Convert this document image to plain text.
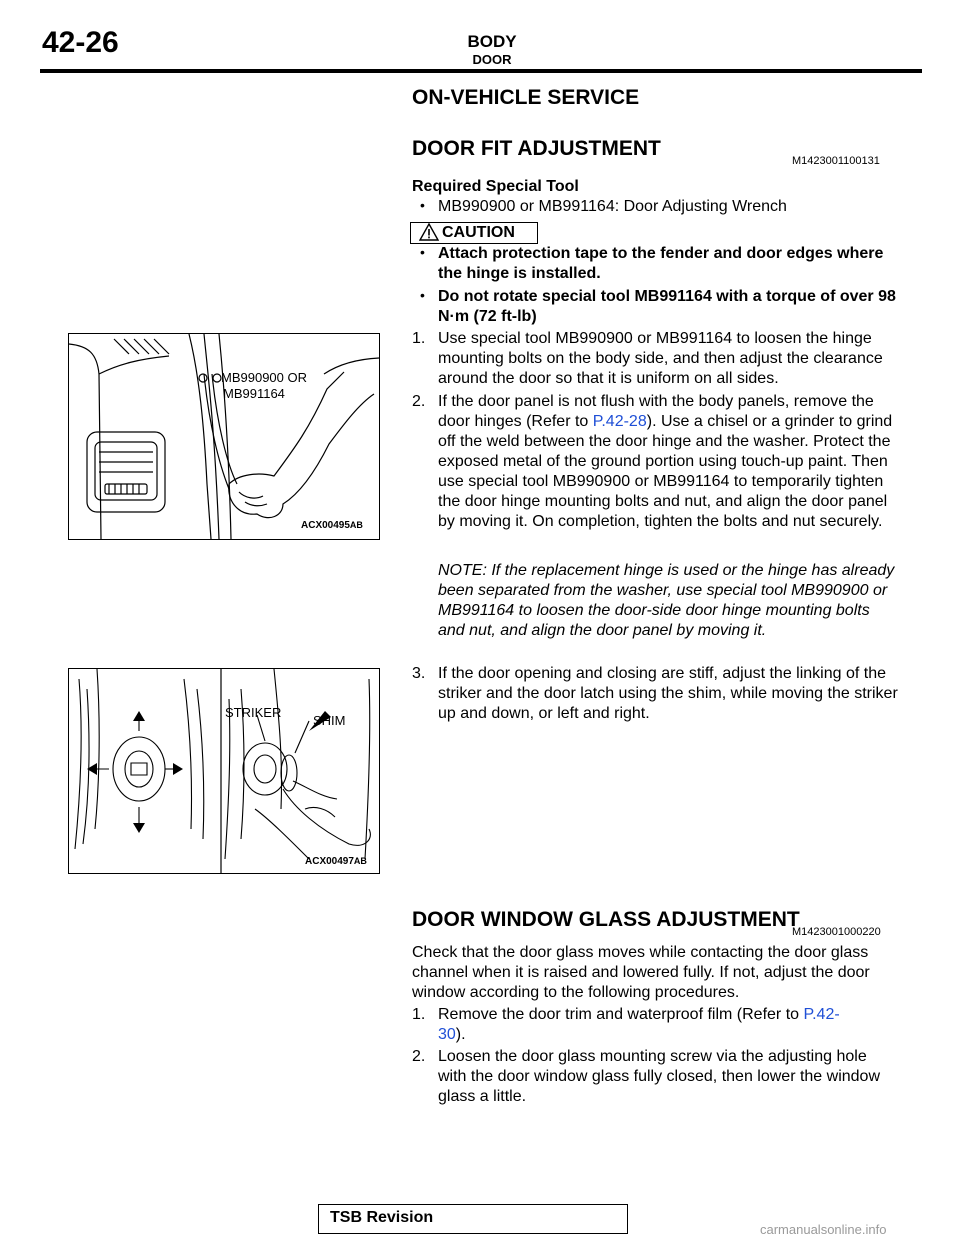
42-26	BODY
DOOR
ON-VEHICLE SERVICE
DOOR FIT ADJUSTMENT
M1423001100131
Required Special Tool
• MB990900 or MB991164: Door Adjusting Wrench
CAUTION
• Attach protection tape to the fender and door edges where the hinge is installed.
• Do not rotate special tool MB991164 with a torque of over 98 N·m (72 ft-lb)
1. Use special tool MB990900 or MB991164 to loosen the hinge mounting bolts on the body side, and then adjust the clearance around the door so that it is uniform on all sides.
2. If the door panel is not flush with the body panels, remove the door hinges (Refer to P.42-28). Use a chisel or a grinder to grind off the weld between the door hinge and the washer. Protect the exposed metal of the ground portion using touch-up paint. Then use special tool MB990900 or MB991164 to temporarily tighten the door hinge mounting bolts and nut, and align the door panel by moving it. On completion, tighten the bolts and nut securely.
NOTE: If the replacement hinge is used or the hinge has already been separated from the washer, use special tool MB990900 or MB991164 to loosen the door-side door hinge mounting bolts and nut, and align the door panel by moving it.
3. If the door opening and closing are stiff, adjust the linking of the striker and the door latch using the shim, while moving the striker up and down, or left and right.
MB990900 OR
MB991164
ACX00495AB
STRIKER
SHIM
ACX00497AB
DOOR WINDOW GLASS ADJUSTMENT
M1423001000220
Check that the door glass moves while contacting the door glass channel when it is raised and lowered fully. If not, adjust the door window according to the following procedures.
1. Remove the door trim and waterproof film (Refer to P.42-
30).
2. Loosen the door glass mounting screw via the adjusting hole with the door window glass fully closed, then lower the window glass a little.
TSB Revision
carmanualsonline.info
